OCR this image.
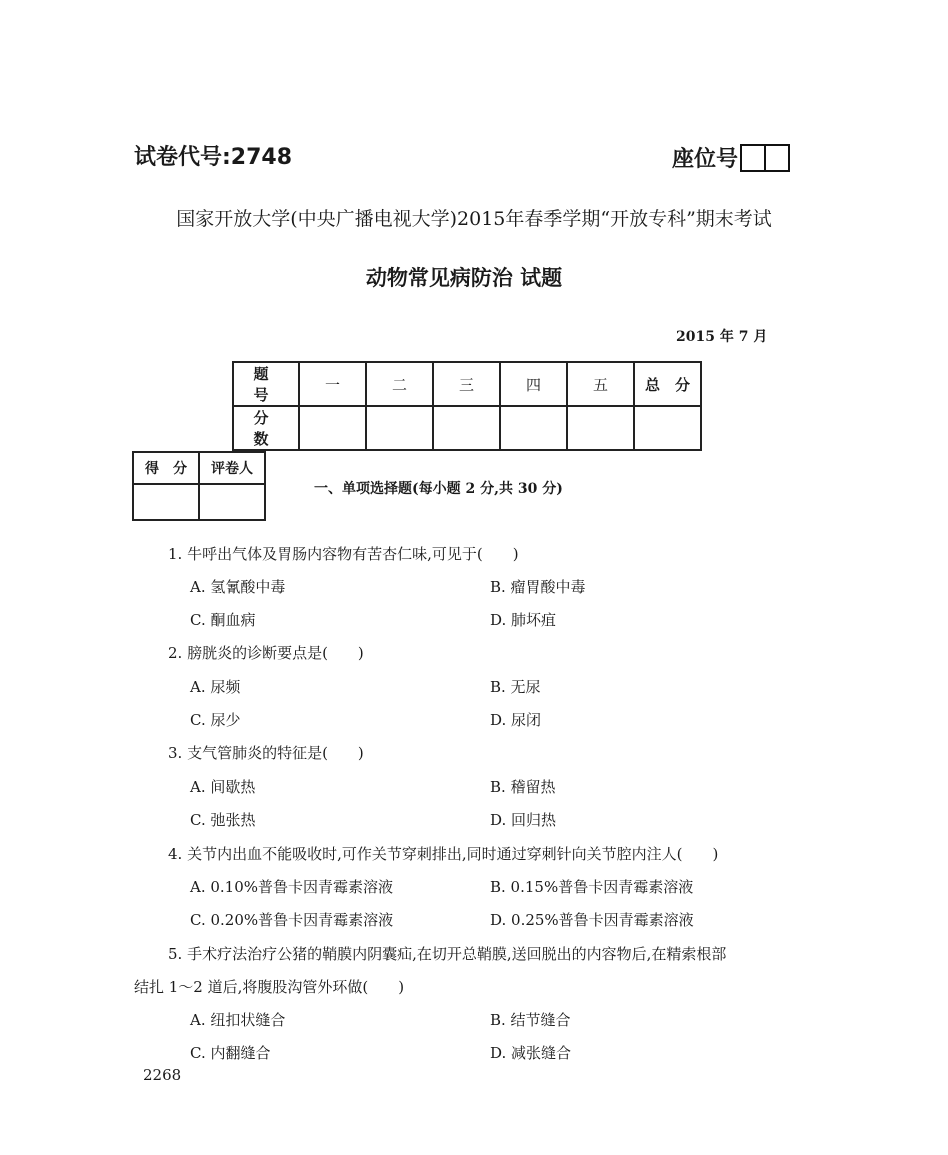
试卷代号:2748	座位号
国家开放大学(中央广播电视大学)2015年春季学期“开放专科”期末考试
动物常见病防治 试题
2015 年 7 月
题　号	一	二	三	四	五	总　分
分　数						
得　分	评卷人

一、单项选择题(每小题 2 分,共 30 分)
1. 牛呼出气体及胃肠内容物有苦杏仁味,可见于(　　)
A. 氢氰酸中毒	B. 瘤胃酸中毒
C. 酮血病	D. 肺坏疽
2. 膀胱炎的诊断要点是(　　)
A. 尿频	B. 无尿
C. 尿少	D. 尿闭
3. 支气管肺炎的特征是(　　)
A. 间歇热	B. 稽留热
C. 弛张热	D. 回归热
4. 关节内出血不能吸收时,可作关节穿刺排出,同时通过穿刺针向关节腔内注人(　　)
A. 0.10%普鲁卡因青霉素溶液	B. 0.15%普鲁卡因青霉素溶液
C. 0.20%普鲁卡因青霉素溶液	D. 0.25%普鲁卡因青霉素溶液
5. 手术疗法治疗公猪的鞘膜内阴囊疝,在切开总鞘膜,送回脱出的内容物后,在精索根部
结扎 1～2 道后,将腹股沟管外环做(　　)
A. 纽扣状缝合	B. 结节缝合
C. 内翻缝合	D. 减张缝合
2268
